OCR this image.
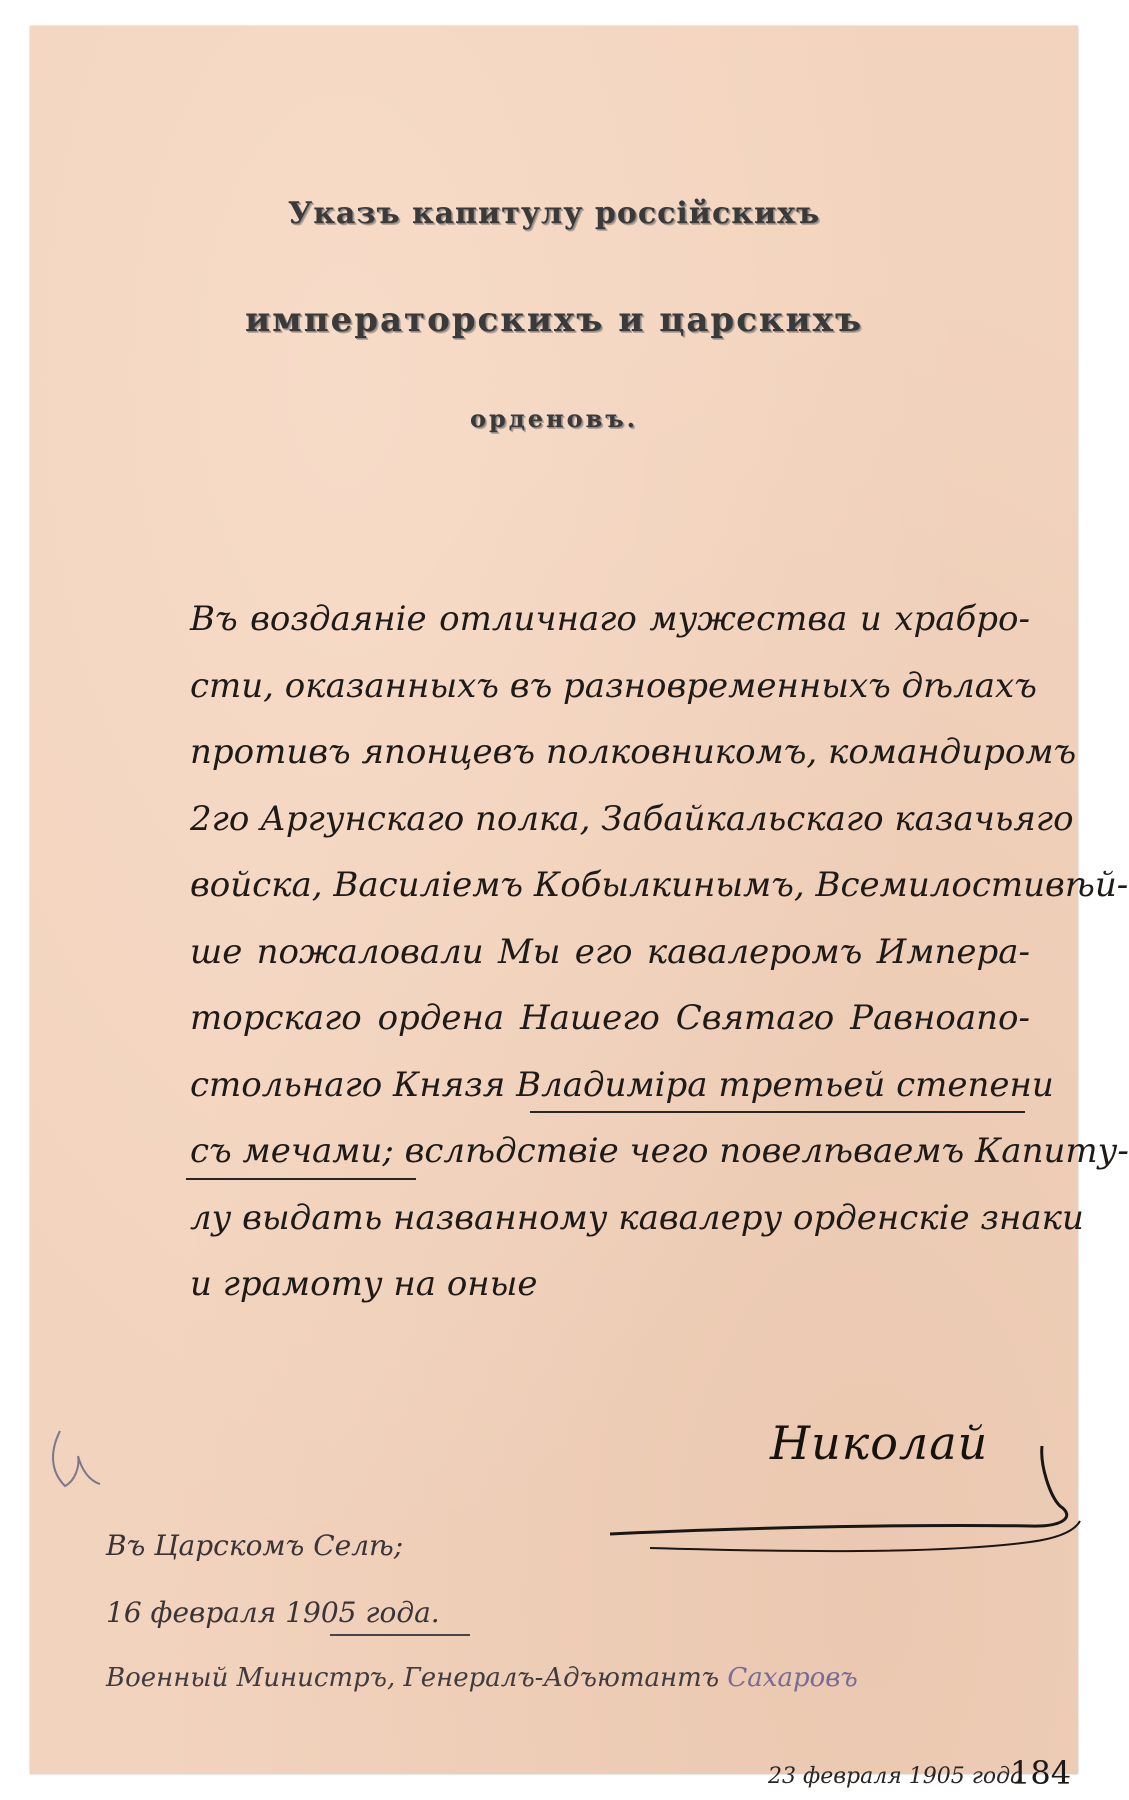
Указъ капитулу россійскихъ
императорскихъ и царскихъ
орденовъ.
Въ воздаяніе отличнаго мужества и храбро-
сти, оказанныхъ въ разновременныхъ дѣлахъ
противъ японцевъ полковникомъ, командиромъ
2го Аргунскаго полка, Забайкальскаго казачьяго
войска, Василіемъ Кобылкинымъ, Всемилостивѣй-
ше пожаловали Мы его кавалеромъ Импера-
торскаго ордена Нашего Святаго Равноапо-
стольнаго Князя Владиміра третьей степени
съ мечами; вслѣдствіе чего повелѣваемъ Капиту-
лу выдать названному кавалеру орденскіе знаки
и грамоту на оные
Николай
Въ Царскомъ Селѣ;
16 февраля 1905 года.
Военный Министръ, Генералъ-Адъютантъ Сахаровъ
23 февраля 1905 года
184
